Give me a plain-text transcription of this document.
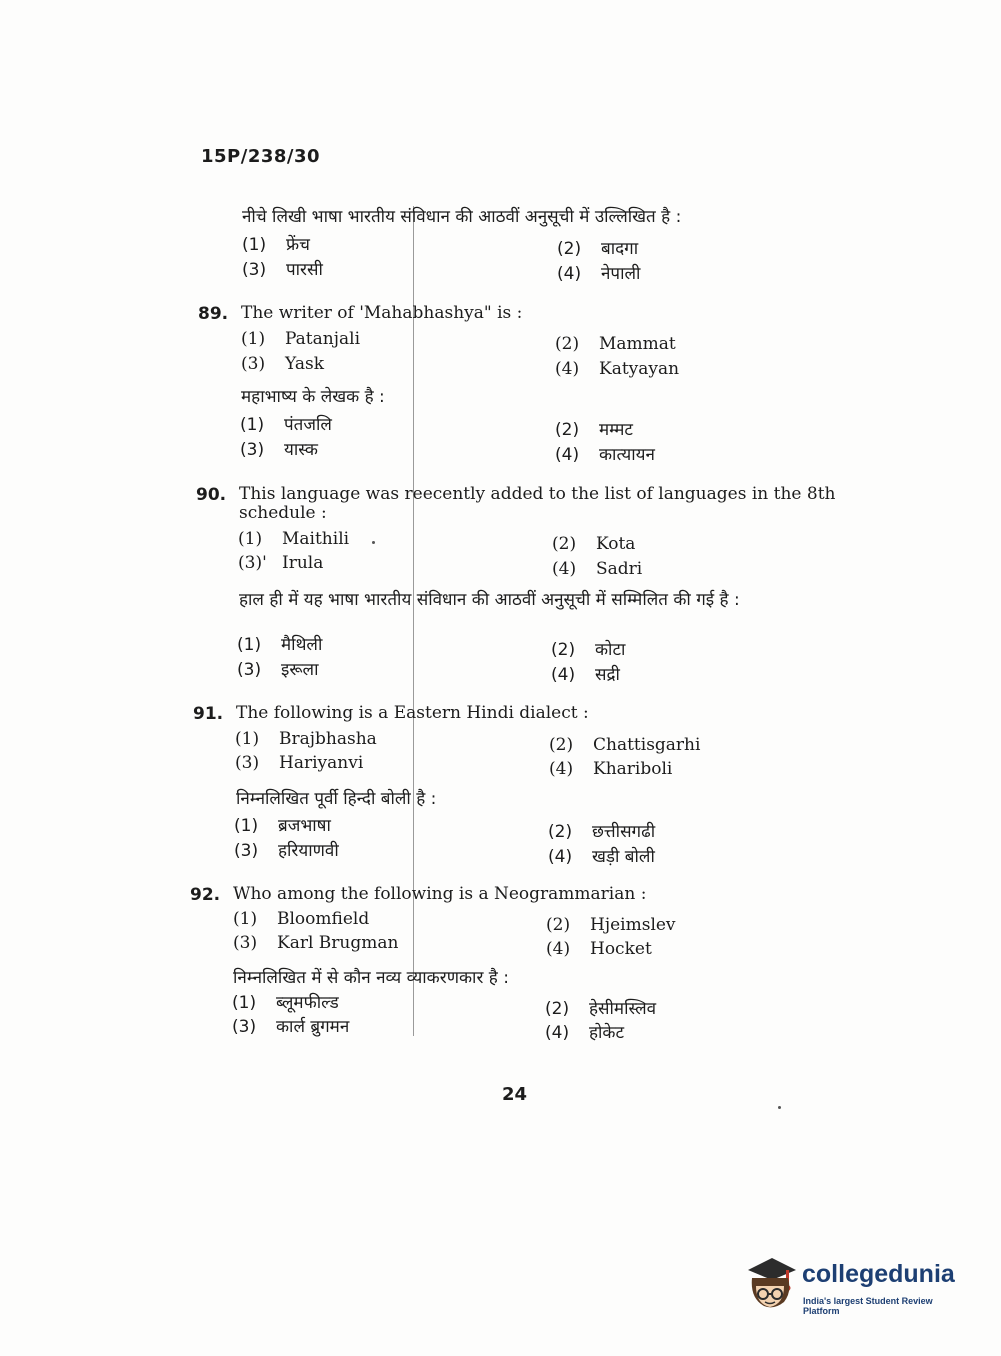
15P/238/30
नीचे लिखी भाषा भारतीय संविधान की आठवीं अनुसूची में उल्लिखित है :
(1) फ्रेंच	(2) बादगा
(3) पारसी	(4) नेपाली
89. The writer of 'Mahabhashya" is :
(1) Patanjali	(2) Mammat
(3) Yask	(4) Katyayan
महाभाष्य के लेखक है :
(1) पंतजलि	(2) मम्मट
(3) यास्क	(4) कात्यायन
90. This language was reecently added to the list of languages in the 8th schedule :
(1) Maithili	(2) Kota
(3)' Irula	(4) Sadri
हाल ही में यह भाषा भारतीय संविधान की आठवीं अनुसूची में सम्मिलित की गई है :
(1) मैथिली	(2) कोटा
(3) इरूला	(4) सद्री
91. The following is a Eastern Hindi dialect :
(1) Brajbhasha	(2) Chattisgarhi
(3) Hariyanvi	(4) Khariboli
निम्नलिखित पूर्वी हिन्दी बोली है :
(1) ब्रजभाषा	(2) छत्तीसगढी
(3) हरियाणवी	(4) खड़ी बोली
92. Who among the following is a Neogrammarian :
(1) Bloomfield	(2) Hjeimslev
(3) Karl Brugman	(4) Hocket
निम्नलिखित में से कौन नव्य व्याकरणकार है :
(1) ब्लूमफील्ड	(2) हेसीमस्लिव
(3) कार्ल ब्रुगमन	(4) होकेट
24
collegedunia
India's largest Student Review Platform
